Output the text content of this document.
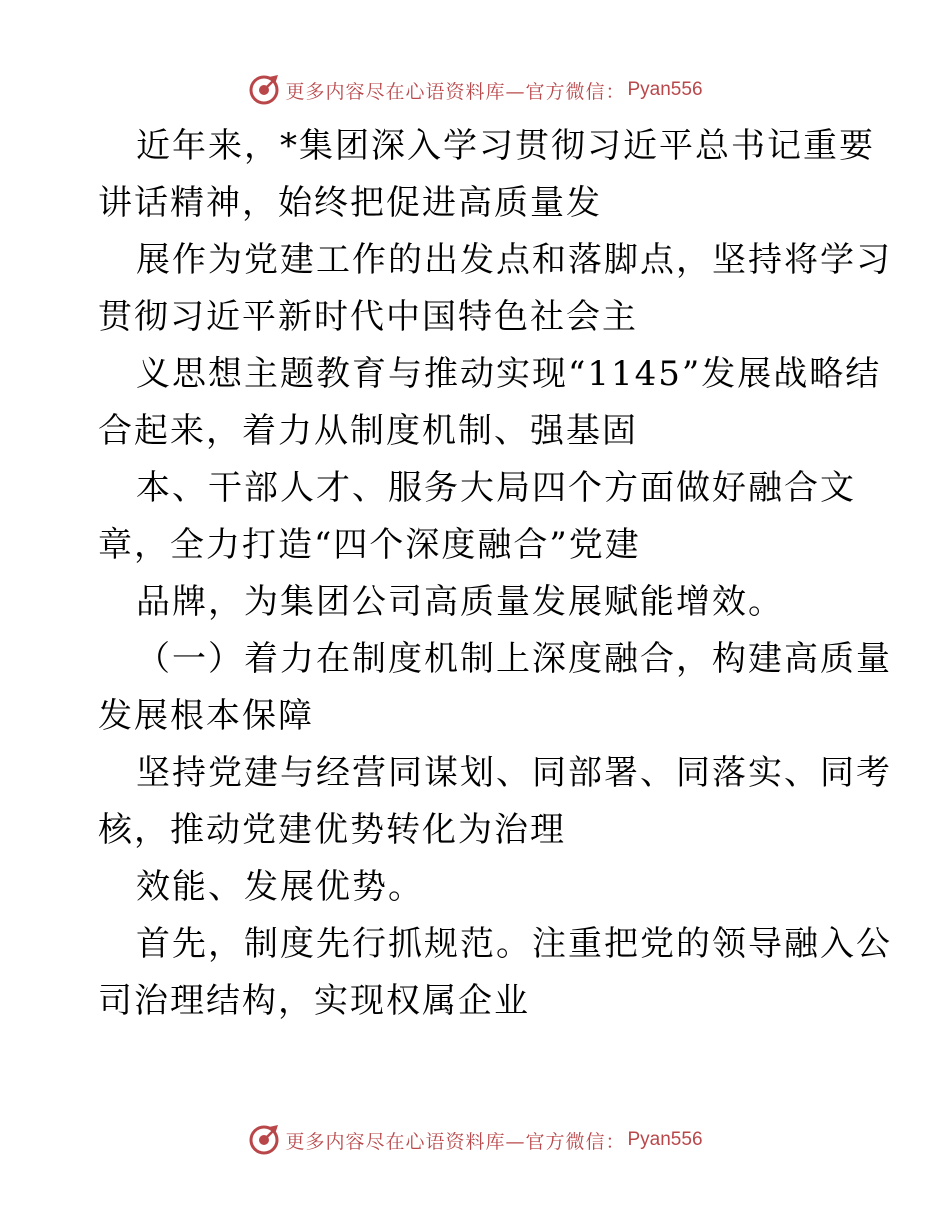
更多内容尽在心语资料库—官方微信： Pyan556
近年来，*集团深入学习贯彻习近平总书记重要
讲话精神，始终把促进高质量发
展作为党建工作的出发点和落脚点，坚持将学习
贯彻习近平新时代中国特色社会主
义思想主题教育与推动实现“1145”发展战略结
合起来，着力从制度机制、强基固
本、干部人才、服务大局四个方面做好融合文
章，全力打造“四个深度融合”党建
品牌，为集团公司高质量发展赋能增效。
（一）着力在制度机制上深度融合，构建高质量
发展根本保障
坚持党建与经营同谋划、同部署、同落实、同考
核，推动党建优势转化为治理
效能、发展优势。
首先，制度先行抓规范。注重把党的领导融入公
司治理结构，实现权属企业
更多内容尽在心语资料库—官方微信： Pyan556
